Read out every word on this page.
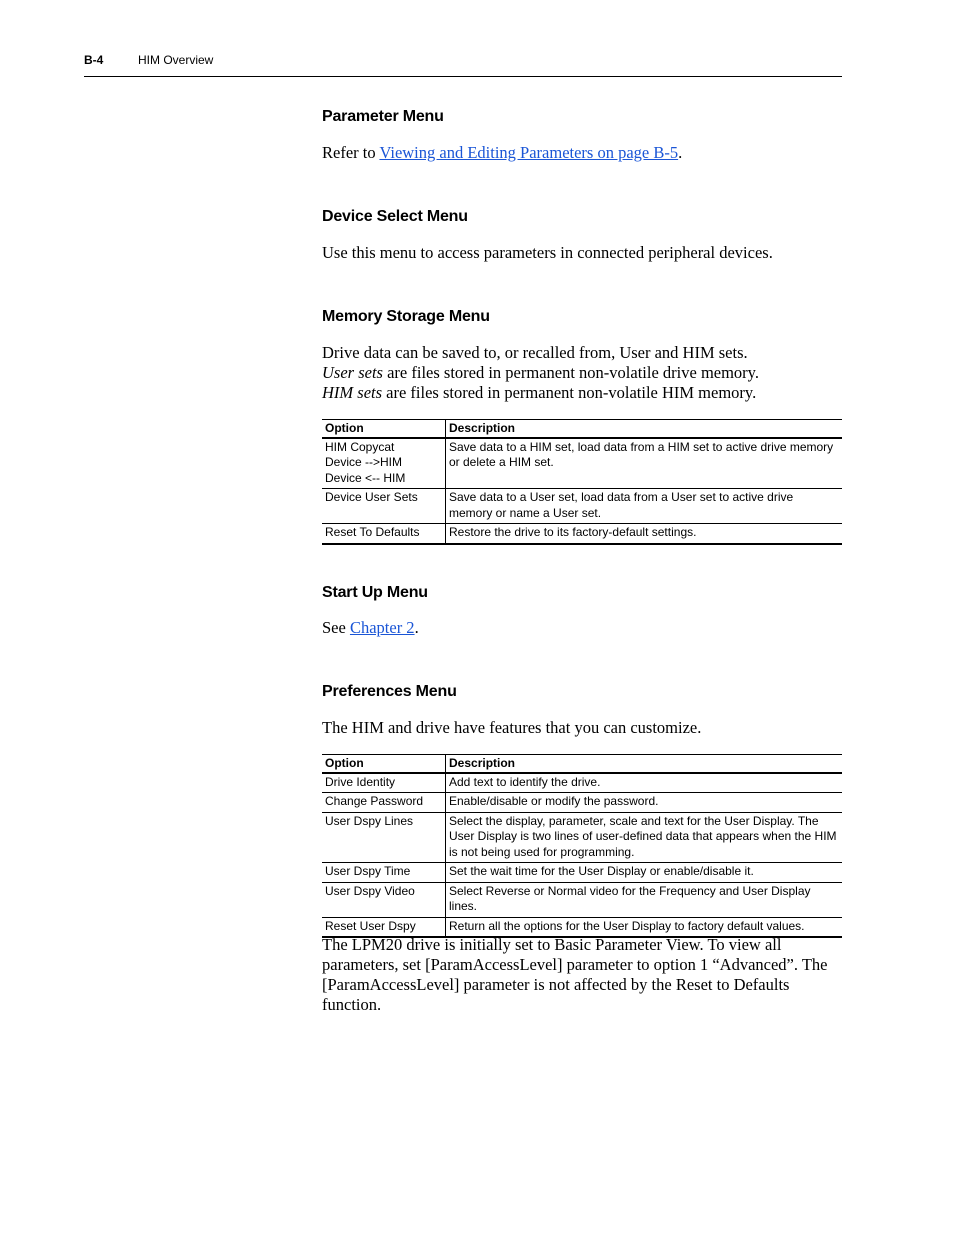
B-4	HIM Overview
Parameter Menu

Refer to Viewing and Editing Parameters on page B-5.

Device Select Menu

Use this menu to access parameters in connected peripheral devices.

Memory Storage Menu

Drive data can be saved to, or recalled from, User and HIM sets.
User sets are files stored in permanent non-volatile drive memory.
HIM sets are files stored in permanent non-volatile HIM memory.

Option	Description

HIM Copycat
Device -->HIM
Device <-- HIM	Save data to a HIM set, load data from a HIM set to active drive memory or delete a HIM set.
Device User Sets	Save data to a User set, load data from a User set to active drive memory or name a User set.
Reset To Defaults	Restore the drive to its factory-default settings.
Start Up Menu

See Chapter 2.

Preferences Menu

The HIM and drive have features that you can customize.

Option	Description
Drive Identity	Add text to identify the drive.
Change Password	Enable/disable or modify the password.
User Dspy Lines	Select the display, parameter, scale and text for the User Display. The User Display is two lines of user-defined data that appears when the HIM is not being used for programming.
User Dspy Time	Set the wait time for the User Display or enable/disable it.
User Dspy Video	Select Reverse or Normal video for the Frequency and User Display lines.
Reset User Dspy	Return all the options for the User Display to factory default values.

The LPM20 drive is initially set to Basic Parameter View. To view all parameters, set [ParamAccessLevel] parameter to option 1 “Advanced”. The [ParamAccessLevel] parameter is not affected by the Reset to Defaults function.
